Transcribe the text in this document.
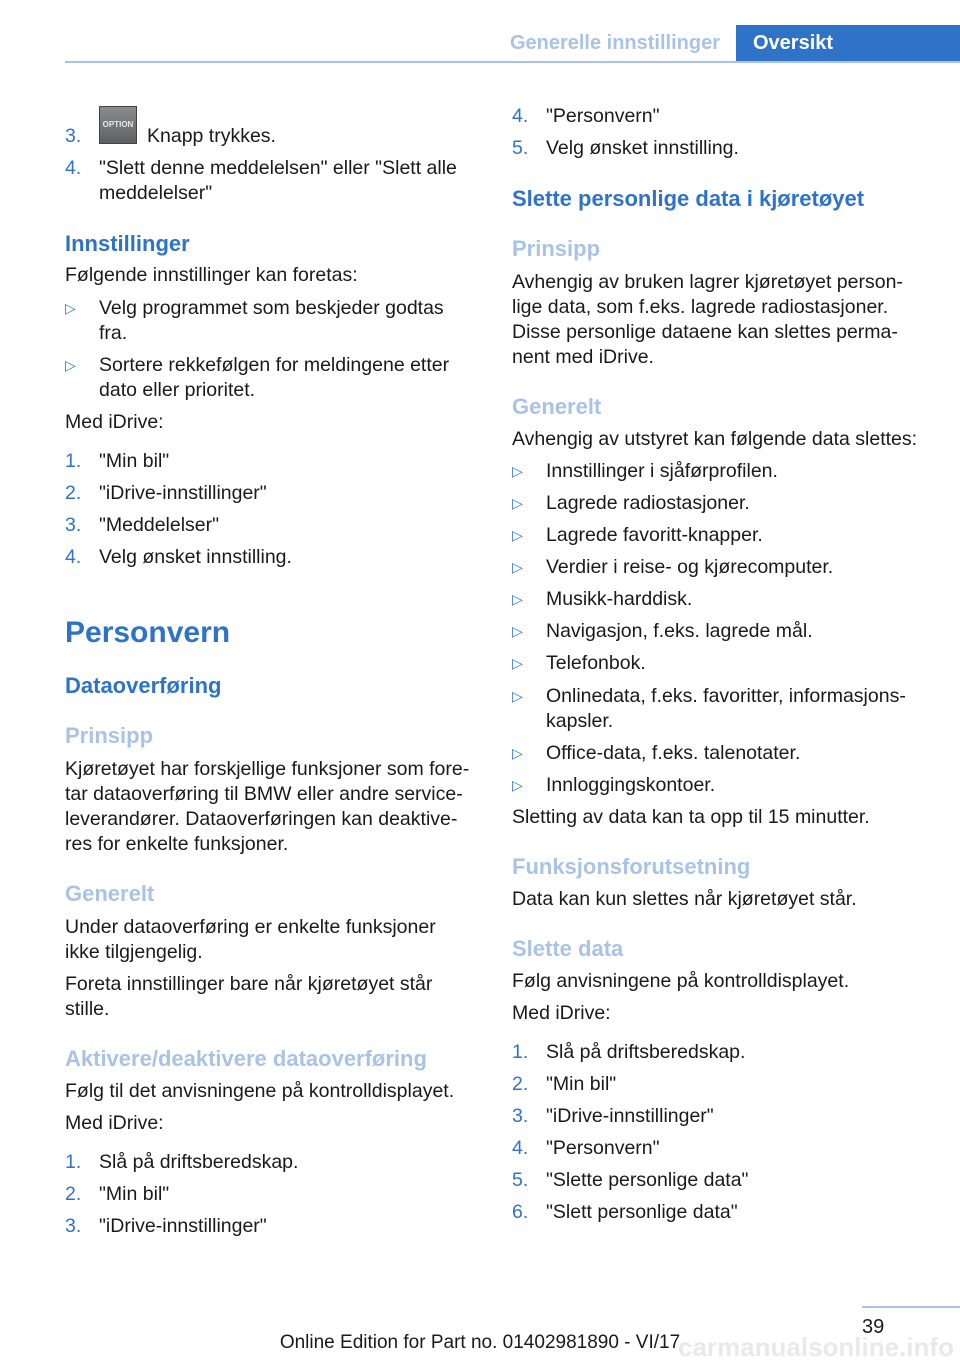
Generelle innstillinger	Oversikt
3.
OPTION
Knapp trykkes.
4. "Slett denne meddelelsen" eller "Slett alle
meddelelser"
Innstillinger
Følgende innstillinger kan foretas:
▷ Velg programmet som beskjeder godtas
fra.
▷ Sortere rekkefølgen for meldingene etter
dato eller prioritet.
Med iDrive:
1. "Min bil"
2. "iDrive-innstillinger"
3. "Meddelelser"
4. Velg ønsket innstilling.
Personvern
Dataoverføring
Prinsipp
Kjøretøyet har forskjellige funksjoner som fore-
tar dataoverføring til BMW eller andre service-
leverandører. Dataoverføringen kan deaktive-
res for enkelte funksjoner.
Generelt
Under dataoverføring er enkelte funksjoner
ikke tilgjengelig.
Foreta innstillinger bare når kjøretøyet står
stille.
Aktivere/deaktivere dataoverføring
Følg til det anvisningene på kontrolldisplayet.
Med iDrive:
1. Slå på driftsberedskap.
2. "Min bil"
3. "iDrive-innstillinger"
4. "Personvern"
5. Velg ønsket innstilling.
Slette personlige data i kjøretøyet
Prinsipp
Avhengig av bruken lagrer kjøretøyet person-
lige data, som f.eks. lagrede radiostasjoner.
Disse personlige dataene kan slettes perma-
nent med iDrive.
Generelt
Avhengig av utstyret kan følgende data slettes:
▷ Innstillinger i sjåførprofilen.
▷ Lagrede radiostasjoner.
▷ Lagrede favoritt-knapper.
▷ Verdier i reise- og kjørecomputer.
▷ Musikk-harddisk.
▷ Navigasjon, f.eks. lagrede mål.
▷ Telefonbok.
▷ Onlinedata, f.eks. favoritter, informasjons-
kapsler.
▷ Office-data, f.eks. talenotater.
▷ Innloggingskontoer.
Sletting av data kan ta opp til 15 minutter.
Funksjonsforutsetning
Data kan kun slettes når kjøretøyet står.
Slette data
Følg anvisningene på kontrolldisplayet.
Med iDrive:
1. Slå på driftsberedskap.
2. "Min bil"
3. "iDrive-innstillinger"
4. "Personvern"
5. "Slette personlige data"
6. "Slett personlige data"
39
Online Edition for Part no. 01402981890 - VI/17
carmanualsonline.info
